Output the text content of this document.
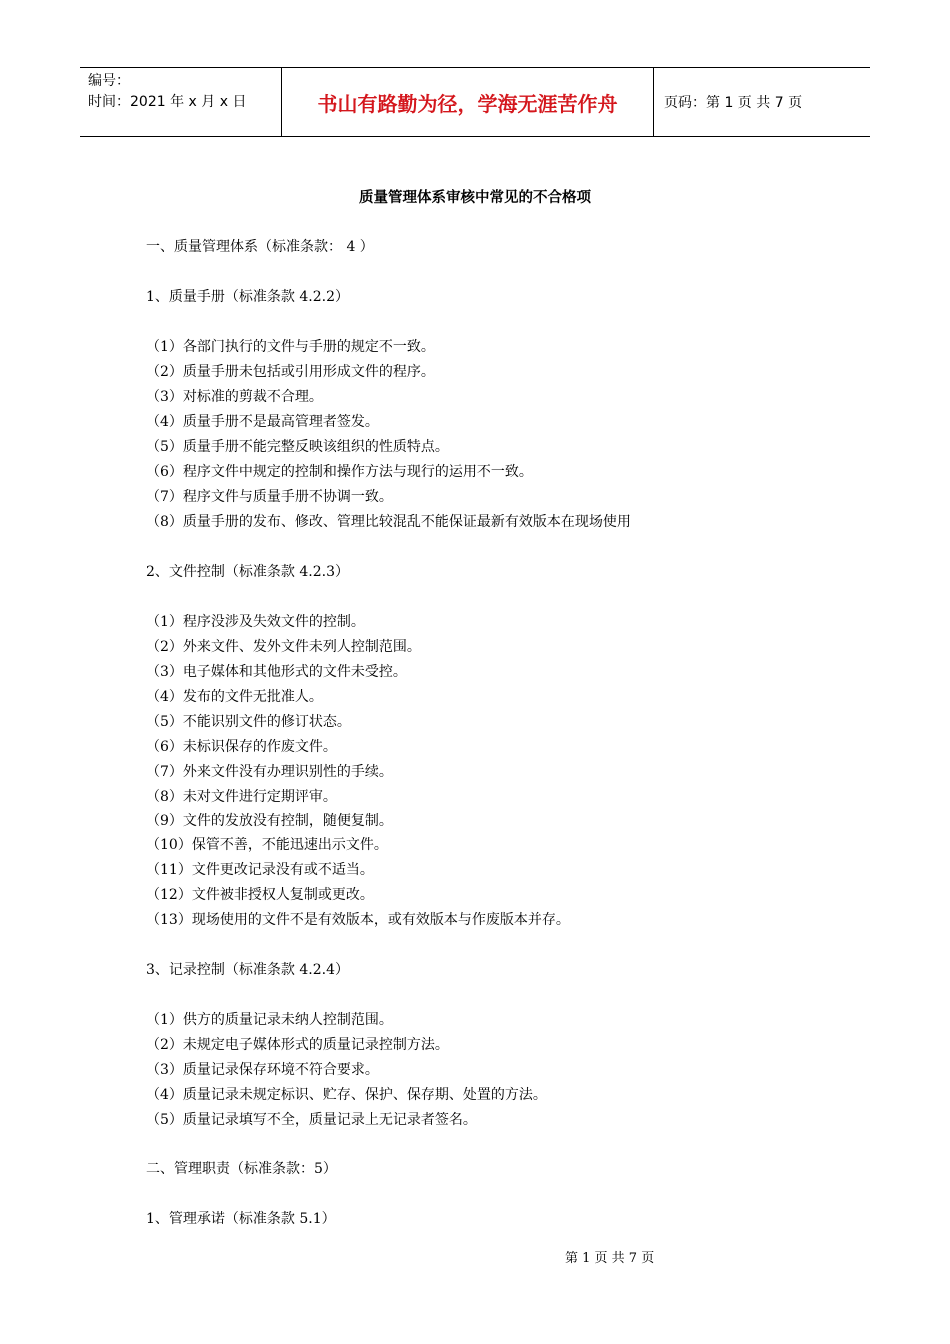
编号：
时间：2021 年 x 月 x 日	书山有路勤为径，学海无涯苦作舟	页码：第 1 页 共 7 页
质量管理体系审核中常见的不合格项
一、质量管理体系（标准条款： 4 ）
1、质量手册（标准条款 4.2.2）
（1）各部门执行的文件与手册的规定不一致。
（2）质量手册未包括或引用形成文件的程序。
（3）对标准的剪裁不合理。
（4）质量手册不是最高管理者签发。
（5）质量手册不能完整反映该组织的性质特点。
（6）程序文件中规定的控制和操作方法与现行的运用不一致。
（7）程序文件与质量手册不协调一致。
（8）质量手册的发布、修改、管理比较混乱不能保证最新有效版本在现场使用
2、文件控制（标准条款 4.2.3）
（1）程序没涉及失效文件的控制。
（2）外来文件、发外文件未列人控制范围。
（3）电子媒体和其他形式的文件未受控。
（4）发布的文件无批准人。
（5）不能识别文件的修订状态。
（6）未标识保存的作废文件。
（7）外来文件没有办理识别性的手续。
（8）未对文件进行定期评审。
（9）文件的发放没有控制，随便复制。
（10）保管不善，不能迅速出示文件。
（11）文件更改记录没有或不适当。
（12）文件被非授权人复制或更改。
（13）现场使用的文件不是有效版本，或有效版本与作废版本并存。
3、记录控制（标准条款 4.2.4）
（1）供方的质量记录未纳人控制范围。
（2）未规定电子媒体形式的质量记录控制方法。
（3）质量记录保存环境不符合要求。
（4）质量记录未规定标识、贮存、保护、保存期、处置的方法。
（5）质量记录填写不全，质量记录上无记录者签名。
二、管理职责（标准条款：5）
1、管理承诺（标准条款 5.1）
第 1 页 共 7 页
